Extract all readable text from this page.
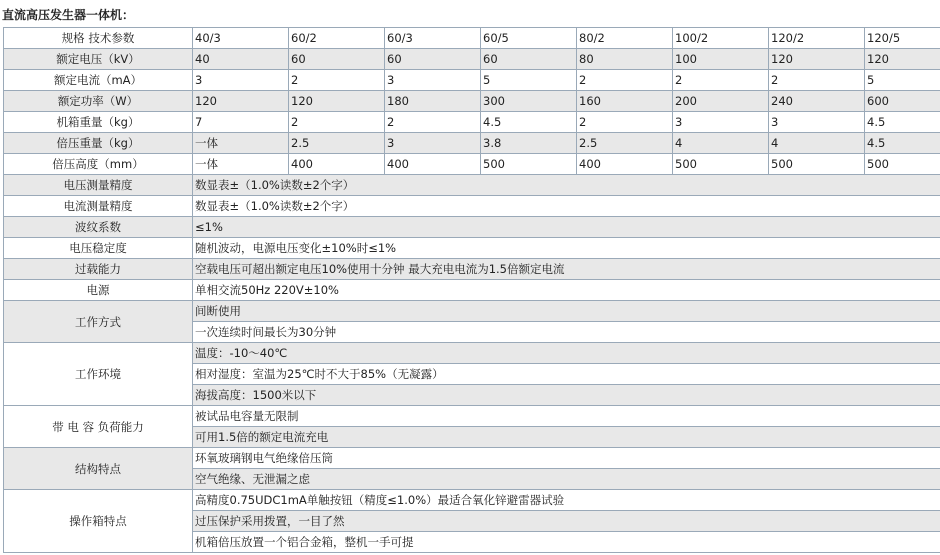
直流高压发生器一体机：
规格 技术参数	40/3	60/2	60/3	60/5	80/2	100/2	120/2	120/5
额定电压（kV）	40	60	60	60	80	100	120	120
额定电流（mA）	3	2	3	5	2	2	2	5
额定功率（W）	120	120	180	300	160	200	240	600
机箱重量（kg）	7	2	2	4.5	2	3	3	4.5
倍压重量（kg）	一体	2.5	3	3.8	2.5	4	4	4.5
倍压高度（mm）	一体	400	400	500	400	500	500	500
电压测量精度	数显表±（1.0%读数±2个字）							
电流测量精度	数显表±（1.0%读数±2个字）							
波纹系数	≤1%							
电压稳定度	随机波动，电源电压变化±10%时≤1%							
过载能力	空载电压可超出额定电压10%使用十分钟 最大充电电流为1.5倍额定电流							
电源	单相交流50Hz 220V±10%							
工作方式	间断使用							
	一次连续时间最长为30分钟							
工作环境	温度：-10～40℃							
	相对湿度：室温为25℃时不大于85%（无凝露）							
	海拔高度：1500米以下							
带 电 容 负荷能力	被试品电容量无限制							
	可用1.5倍的额定电流充电							
结构特点	环氧玻璃钢电气绝缘倍压筒							
	空气绝缘、无泄漏之虑							
操作箱特点	高精度0.75UDC1mA单触按钮（精度≤1.0%）最适合氧化锌避雷器试验							
	过压保护采用拨置，一目了然							
	机箱倍压放置一个铝合金箱，整机一手可提							
